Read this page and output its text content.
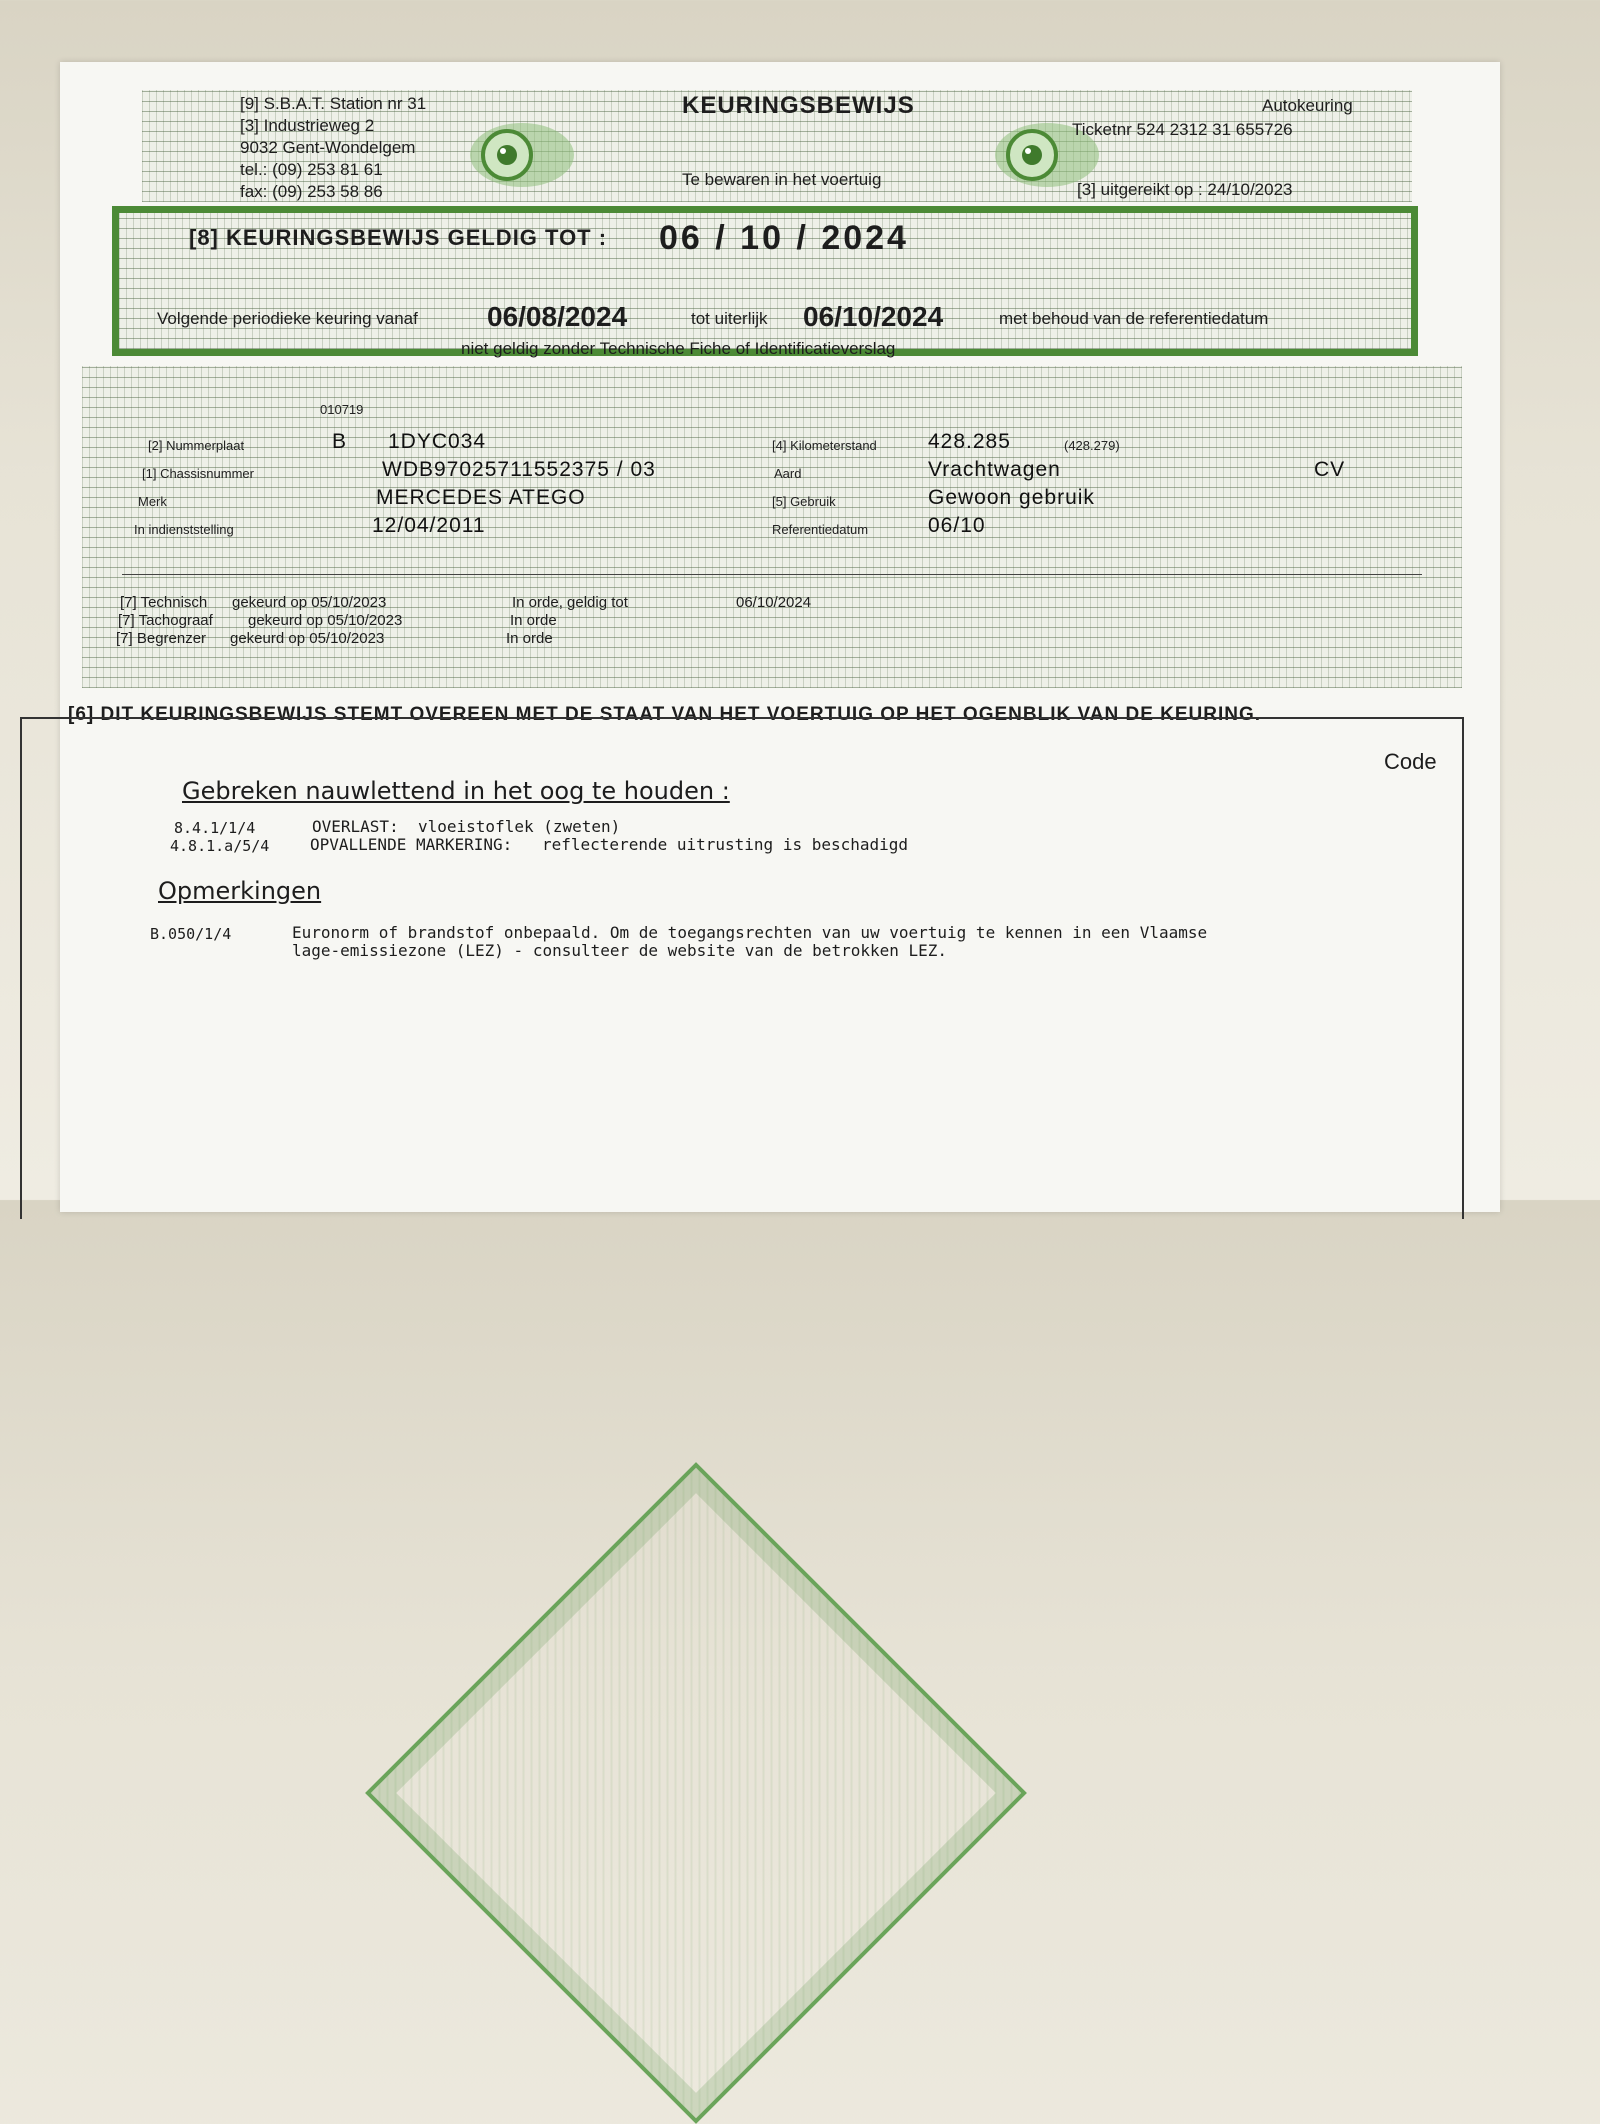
[9] S.B.A.T. Station nr 31
[3] Industrieweg 2
9032 Gent-Wondelgem
tel.: (09) 253 81 61
fax: (09) 253 58 86
KEURINGSBEWIJS
Te bewaren in het voertuig
Autokeuring
Ticketnr 524 2312 31 655726
[3] uitgereikt op : 24/10/2023
[8] KEURINGSBEWIJS GELDIG TOT : 06 / 10 / 2024
Volgende periodieke keuring vanaf 06/08/2024	tot uiterlijk 06/10/2024	met behoud van de referentiedatum
niet geldig zonder Technische Fiche of Identificatieverslag
010719
[2] Nummerplaat	B 1DYC034	[4] Kilometerstand 428.285	(428.279)
[1] Chassisnummer	WDB97025711552375 / 03	Aard	Vrachtwagen	CV
Merk	MERCEDES ATEGO	[5] Gebruik	Gewoon gebruik
In indienststelling	12/04/2011	Referentiedatum	06/10
[7] Technisch gekeurd op 05/10/2023	In orde, geldig tot	06/10/2024
[7] Tachograaf gekeurd op 05/10/2023	In orde
[7] Begrenzer gekeurd op 05/10/2023	In orde
[6] DIT KEURINGSBEWIJS STEMT OVEREEN MET DE STAAT VAN HET VOERTUIG OP HET OGENBLIK VAN DE KEURING.
Code
Gebreken nauwlettend in het oog te houden :
8.4.1/1/4	OVERLAST: vloeistoflek (zweten)
4.8.1.a/5/4	OPVALLENDE MARKERING: reflecterende uitrusting is beschadigd
Opmerkingen
B.050/1/4	Euronorm of brandstof onbepaald. Om de toegangsrechten van uw voertuig te kennen in een Vlaamse
lage-emissiezone (LEZ) - consulteer de website van de betrokken LEZ.
